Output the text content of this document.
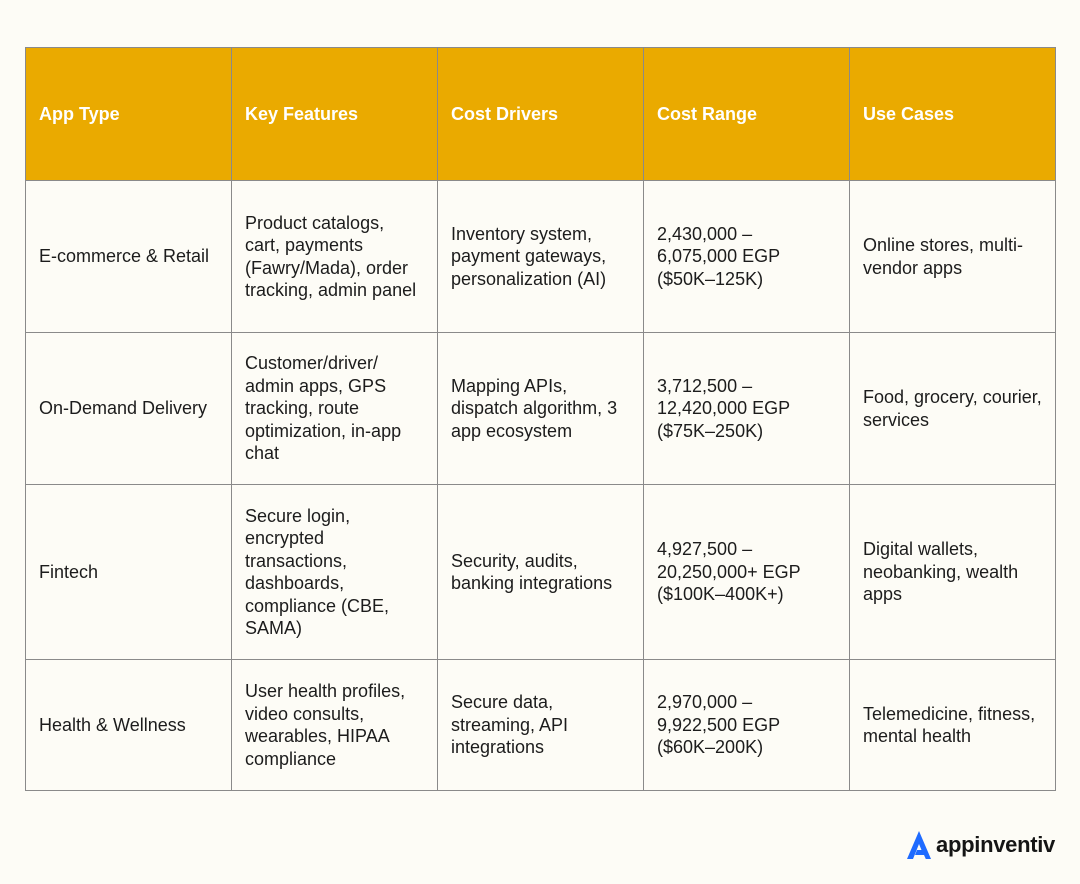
App Type	Key Features	Cost Drivers	Cost Range	Use Cases
E-commerce & Retail	Product catalogs, cart, payments (Fawry/Mada), order tracking, admin panel	Inventory system, payment gateways, personalization (AI)	2,430,000 – 6,075,000 EGP ($50K–125K)	Online stores, multi-vendor apps
On-Demand Delivery	Customer/driver/ admin apps, GPS tracking, route optimization, in-app chat	Mapping APIs, dispatch algorithm, 3 app ecosystem	3,712,500 – 12,420,000 EGP ($75K–250K)	Food, grocery, courier, services
Fintech	Secure login, encrypted transactions, dashboards, compliance (CBE, SAMA)	Security, audits, banking integrations	4,927,500 – 20,250,000+ EGP ($100K–400K+)	Digital wallets, neobanking, wealth apps
Health & Wellness	User health profiles, video consults, wearables, HIPAA compliance	Secure data, streaming, API integrations	2,970,000 – 9,922,500 EGP ($60K–200K)	Telemedicine, fitness, mental health
appinventiv
